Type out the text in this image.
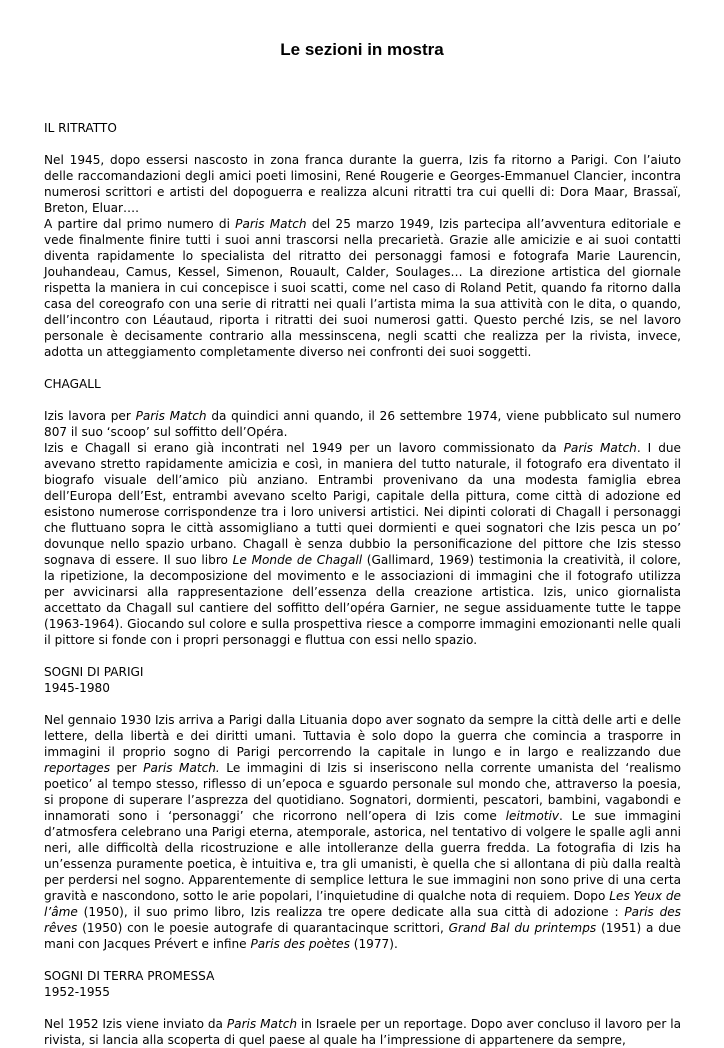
Le sezioni in mostra

IL RITRATTO

Nel 1945, dopo essersi nascosto in zona franca durante la guerra, Izis fa ritorno a Parigi. Con l’aiuto delle raccomandazioni degli amici poeti limosini, René Rougerie e Georges-Emmanuel Clancier, incontra numerosi scrittori e artisti del dopoguerra e realizza alcuni ritratti tra cui quelli di: Dora Maar, Brassaï, Breton, Eluar….

A partire dal primo numero di Paris Match del 25 marzo 1949, Izis partecipa all’avventura editoriale e vede finalmente finire tutti i suoi anni trascorsi nella precarietà. Grazie alle amicizie e ai suoi contatti diventa rapidamente lo specialista del ritratto dei personaggi famosi e fotografa Marie Laurencin, Jouhandeau, Camus, Kessel, Simenon, Rouault, Calder, Soulages… La direzione artistica del giornale rispetta la maniera in cui concepisce i suoi scatti, come nel caso di Roland Petit, quando fa ritorno dalla casa del coreografo con una serie di ritratti nei quali l’artista mima la sua attività con le dita, o quando, dell’incontro con Léautaud, riporta i ritratti dei suoi numerosi gatti. Questo perché Izis, se nel lavoro personale è decisamente contrario alla messinscena, negli scatti che realizza per la rivista, invece, adotta un atteggiamento completamente diverso nei confronti dei suoi soggetti.

CHAGALL

Izis lavora per Paris Match da quindici anni quando, il 26 settembre 1974, viene pubblicato sul numero 807 il suo ‘scoop’ sul soffitto dell’Opéra.

Izis e Chagall si erano già incontrati nel 1949 per un lavoro commissionato da Paris Match. I due avevano stretto rapidamente amicizia e così, in maniera del tutto naturale, il fotografo era diventato il biografo visuale dell’amico più anziano. Entrambi provenivano da una modesta famiglia ebrea dell’Europa dell’Est, entrambi avevano scelto Parigi, capitale della pittura, come città di adozione ed esistono numerose corrispondenze tra i loro universi artistici. Nei dipinti colorati di Chagall i personaggi che fluttuano sopra le città assomigliano a tutti quei dormienti e quei sognatori che Izis pesca un po’ dovunque nello spazio urbano. Chagall è senza dubbio la personificazione del pittore che Izis stesso sognava di essere. Il suo libro Le Monde de Chagall (Gallimard, 1969) testimonia la creatività, il colore, la ripetizione, la decomposizione del movimento e le associazioni di immagini che il fotografo utilizza per avvicinarsi alla rappresentazione dell’essenza della creazione artistica. Izis, unico giornalista accettato da Chagall sul cantiere del soffitto dell’opéra Garnier, ne segue assiduamente tutte le tappe (1963-1964). Giocando sul colore e sulla prospettiva riesce a comporre immagini emozionanti nelle quali il pittore si fonde con i propri personaggi e fluttua con essi nello spazio.

SOGNI DI PARIGI

1945-1980

Nel gennaio 1930 Izis arriva a Parigi dalla Lituania dopo aver sognato da sempre la città delle arti e delle lettere, della libertà e dei diritti umani. Tuttavia è solo dopo la guerra che comincia a trasporre in immagini il proprio sogno di Parigi percorrendo la capitale in lungo e in largo e realizzando due reportages per Paris Match. Le immagini di Izis si inseriscono nella corrente umanista del ‘realismo poetico’ al tempo stesso, riflesso di un’epoca e sguardo personale sul mondo che, attraverso la poesia, si propone di superare l’asprezza del quotidiano. Sognatori, dormienti, pescatori, bambini, vagabondi e innamorati sono i ‘personaggi’ che ricorrono nell’opera di Izis come leitmotiv. Le sue immagini d’atmosfera celebrano una Parigi eterna, atemporale, astorica, nel tentativo di volgere le spalle agli anni neri, alle difficoltà della ricostruzione e alle intolleranze della guerra fredda. La fotografia di Izis ha un’essenza puramente poetica, è intuitiva e, tra gli umanisti, è quella che si allontana di più dalla realtà per perdersi nel sogno. Apparentemente di semplice lettura le sue immagini non sono prive di una certa gravità e nascondono, sotto le arie popolari, l’inquietudine di qualche nota di requiem. Dopo Les Yeux de l’âme (1950), il suo primo libro, Izis realizza tre opere dedicate alla sua città di adozione : Paris des rêves (1950) con le poesie autografe di quarantacinque scrittori, Grand Bal du printemps (1951) a due mani con Jacques Prévert e infine Paris des poètes (1977).

SOGNI DI TERRA PROMESSA

1952-1955

Nel 1952 Izis viene inviato da Paris Match in Israele per un reportage. Dopo aver concluso il lavoro per la rivista, si lancia alla scoperta di quel paese al quale ha l’impressione di appartenere da sempre,
